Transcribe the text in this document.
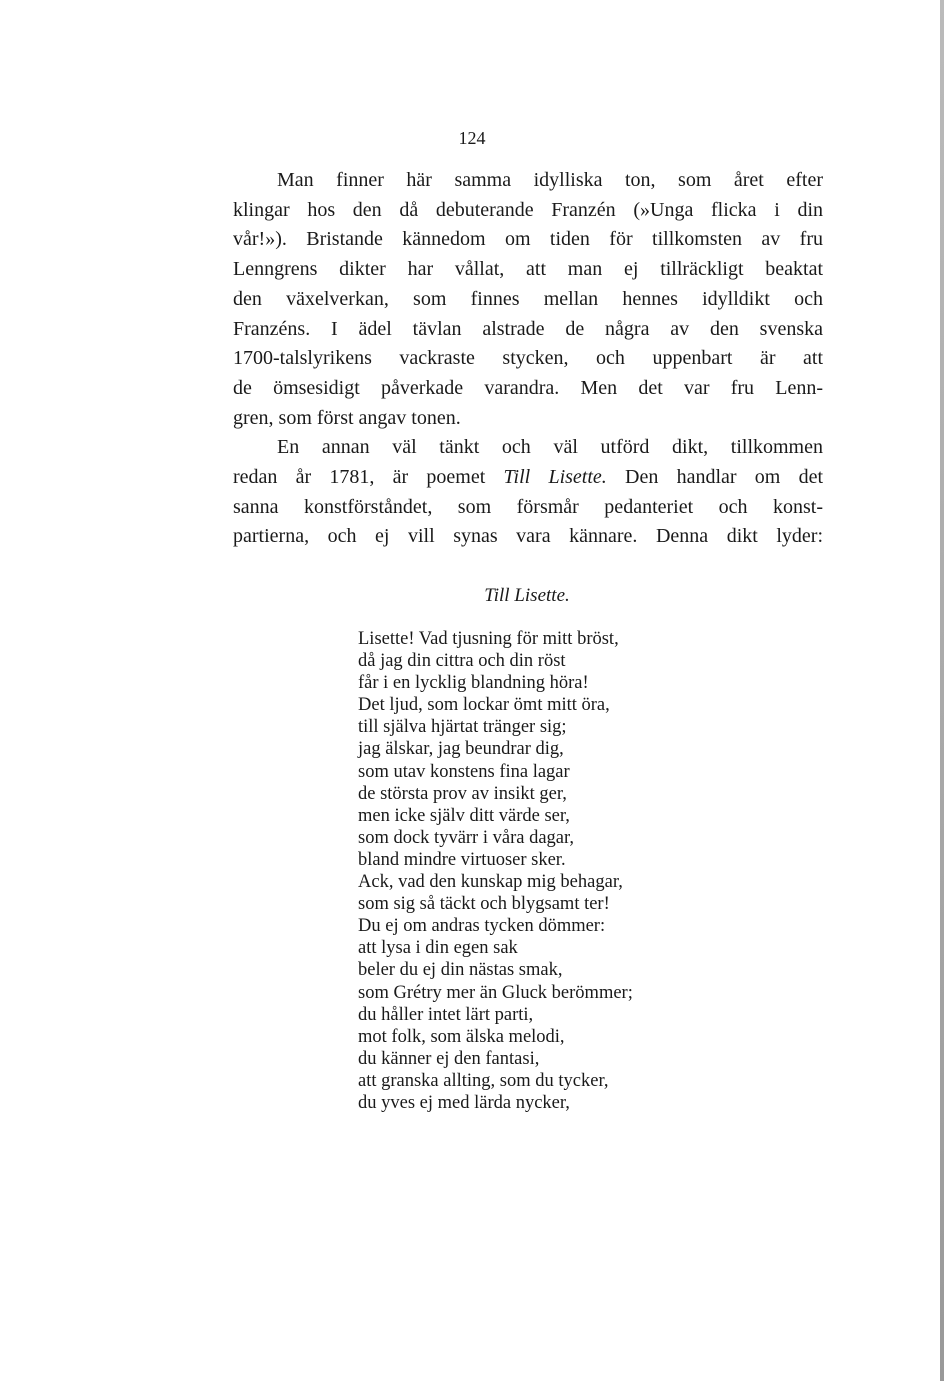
124
Man finner här samma idylliska ton, som året efter
klingar hos den då debuterande Franzén (»Unga flicka i din
vår!»). Bristande kännedom om tiden för tillkomsten av fru
Lenngrens dikter har vållat, att man ej tillräckligt beaktat
den växelverkan, som finnes mellan hennes idylldikt och
Franzéns. I ädel tävlan alstrade de några av den svenska
1700-talslyrikens vackraste stycken, och uppenbart är att
de ömsesidigt påverkade varandra. Men det var fru Lenn-
gren, som först angav tonen.
En annan väl tänkt och väl utförd dikt, tillkommen
redan år 1781, är poemet Till Lisette. Den handlar om det
sanna konstförståndet, som försmår pedanteriet och konst-
partierna, och ej vill synas vara kännare. Denna dikt lyder:
Till Lisette.
Lisette! Vad tjusning för mitt bröst,
då jag din cittra och din röst
får i en lycklig blandning höra!
Det ljud, som lockar ömt mitt öra,
till själva hjärtat tränger sig;
jag älskar, jag beundrar dig,
som utav konstens fina lagar
de största prov av insikt ger,
men icke själv ditt värde ser,
som dock tyvärr i våra dagar,
bland mindre virtuoser sker.
Ack, vad den kunskap mig behagar,
som sig så täckt och blygsamt ter!
Du ej om andras tycken dömmer:
att lysa i din egen sak
beler du ej din nästas smak,
som Grétry mer än Gluck berömmer;
du håller intet lärt parti,
mot folk, som älska melodi,
du känner ej den fantasi,
att granska allting, som du tycker,
du yves ej med lärda nycker,
